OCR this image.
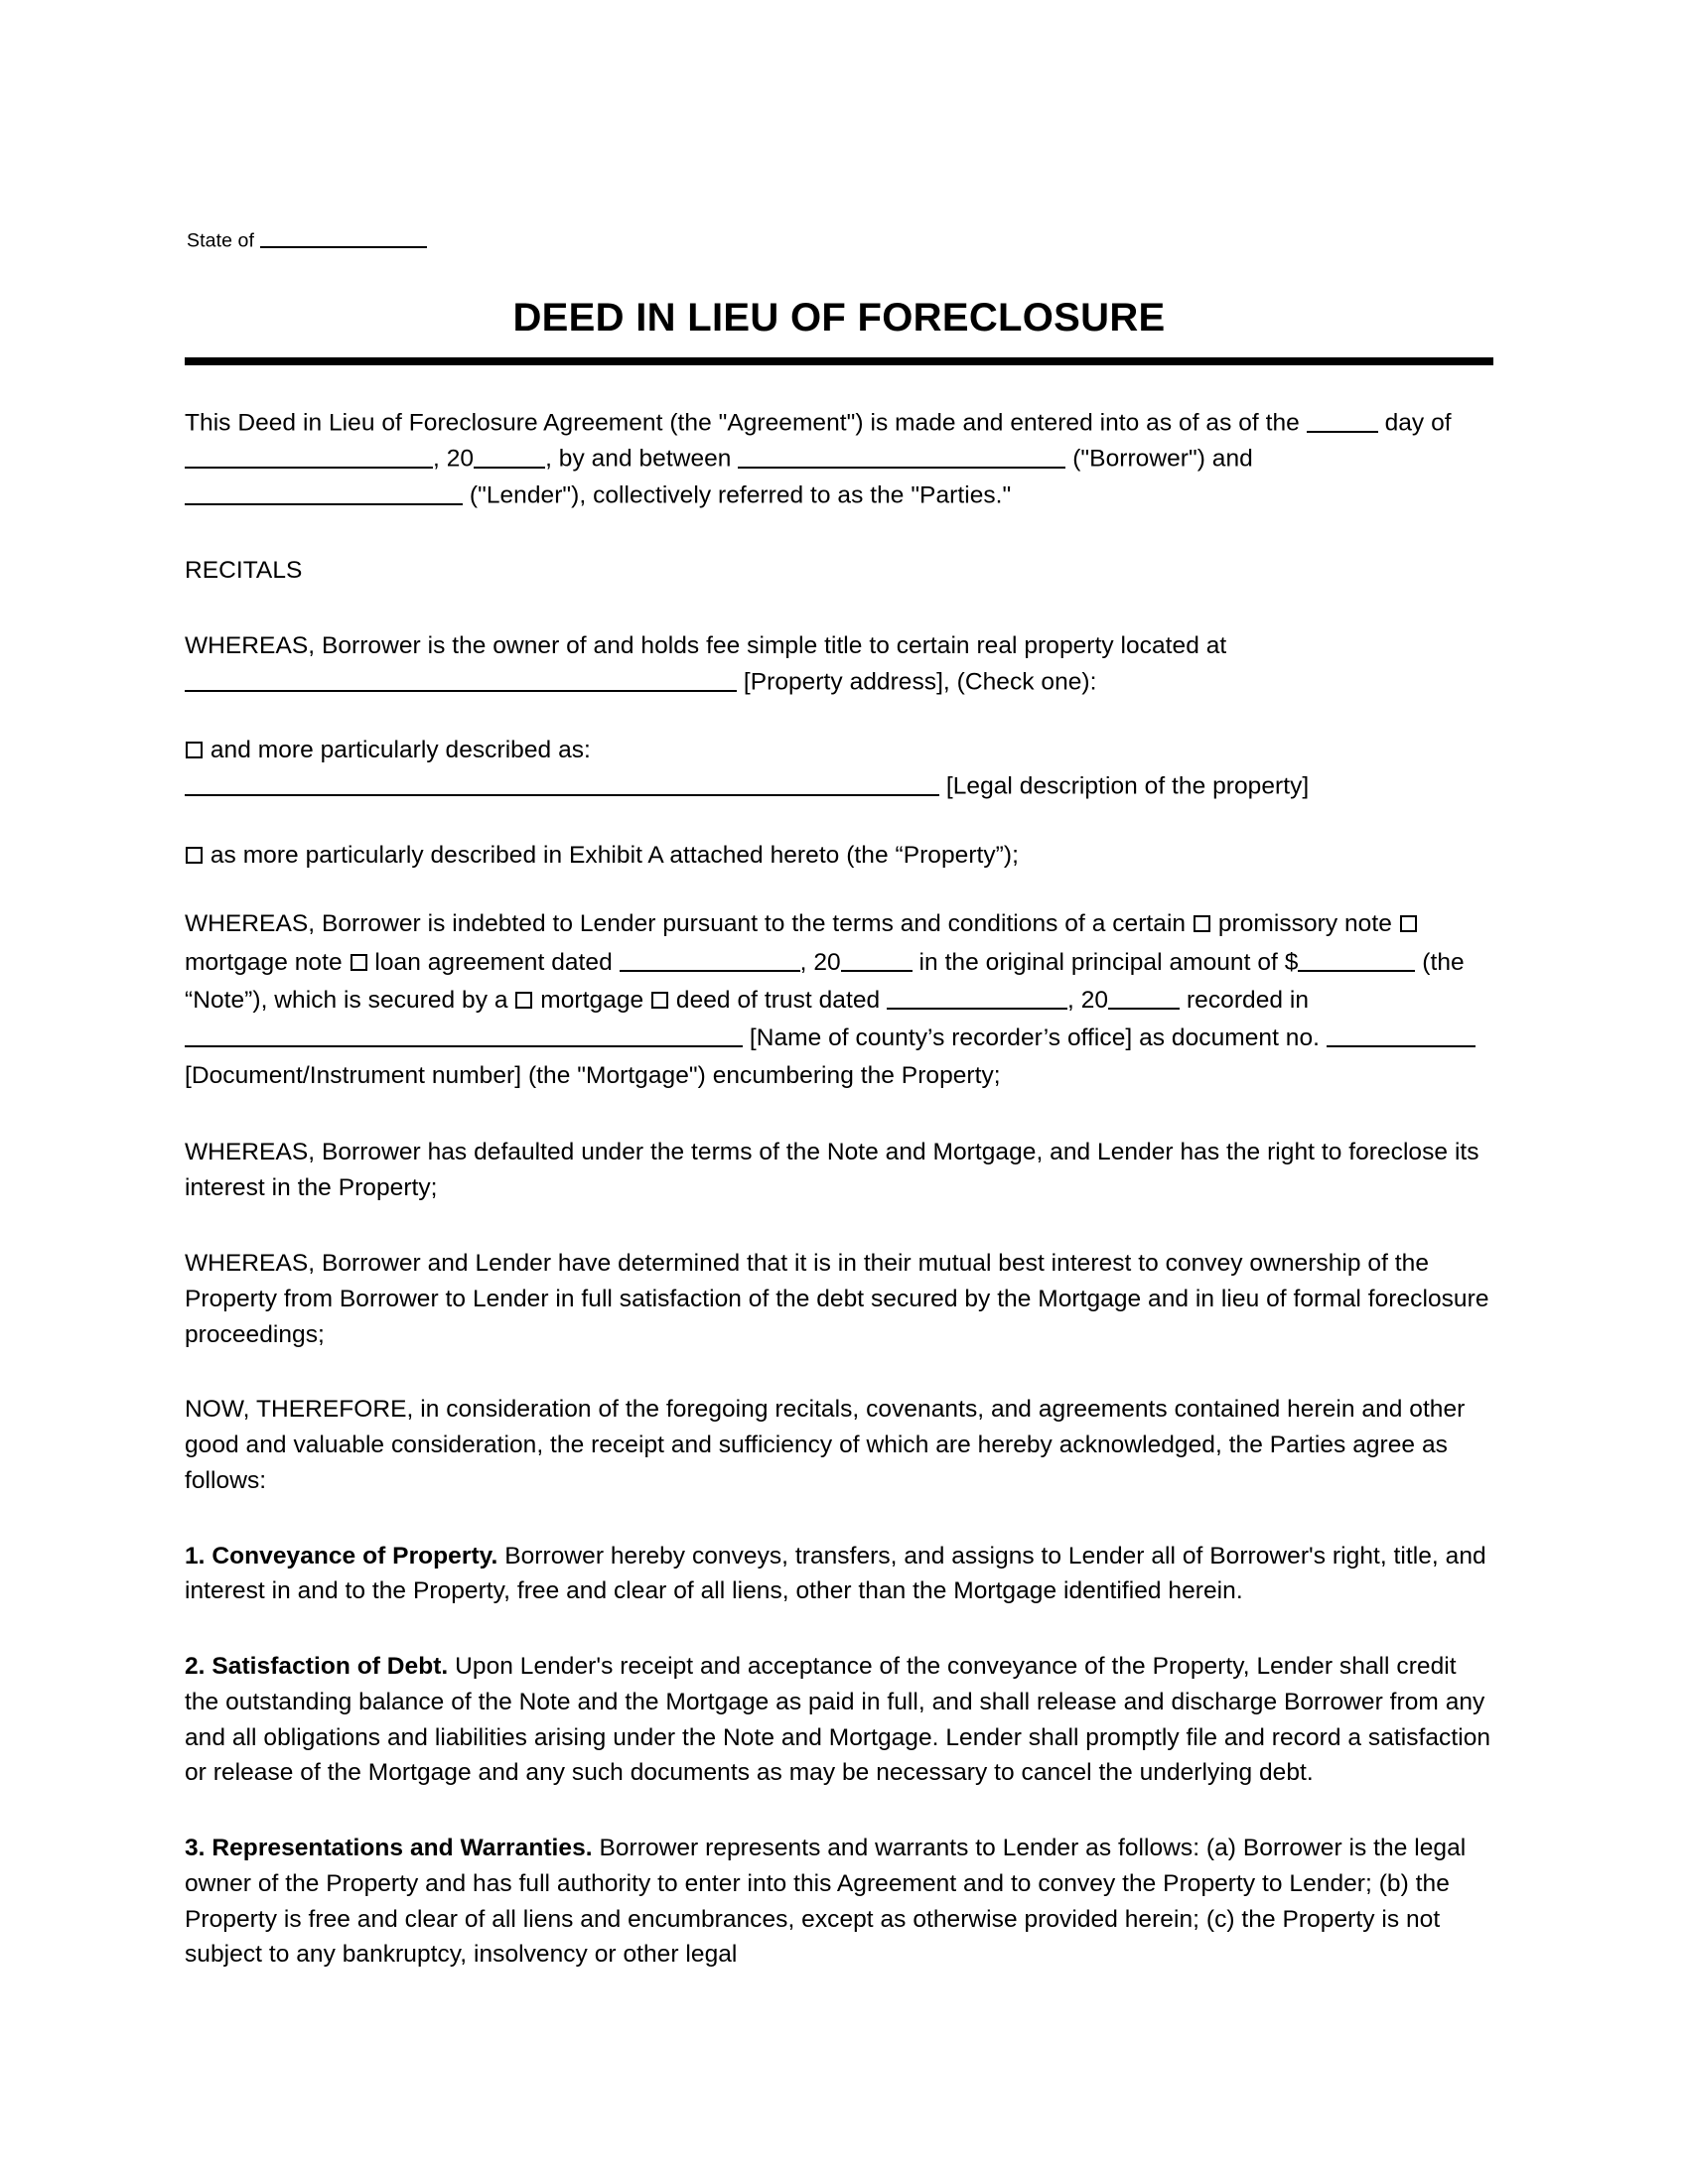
State of
DEED IN LIEU OF FORECLOSURE

This Deed in Lieu of Foreclosure Agreement (the "Agreement") is made and entered into as of as of the	day of , 20	, by and between	("Borrower") and  ("Lender"), collectively referred to as the "Parties."

RECITALS

WHEREAS, Borrower is the owner of and holds fee simple title to certain real property located at  [Property address], (Check one):

and more particularly described as:
[Legal description of the property]

as more particularly described in Exhibit A attached hereto (the “Property”);

WHEREAS, Borrower is indebted to Lender pursuant to the terms and conditions of a certain promissory note  mortgage note loan agreement dated	, 20	in the original principal amount of $	(the “Note”), which is secured by a mortgage deed of trust dated	, 20	recorded in  [Name of county’s recorder’s office] as document no.  [Document/Instrument number] (the "Mortgage") encumbering the Property;

WHEREAS, Borrower has defaulted under the terms of the Note and Mortgage, and Lender has the right to foreclose its interest in the Property;

WHEREAS, Borrower and Lender have determined that it is in their mutual best interest to convey ownership of the Property from Borrower to Lender in full satisfaction of the debt secured by the Mortgage and in lieu of formal foreclosure proceedings;

NOW, THEREFORE, in consideration of the foregoing recitals, covenants, and agreements contained herein and other good and valuable consideration, the receipt and sufficiency of which are hereby acknowledged, the Parties agree as follows:

1. Conveyance of Property. Borrower hereby conveys, transfers, and assigns to Lender all of Borrower's right, title, and interest in and to the Property, free and clear of all liens, other than the Mortgage identified herein.

2. Satisfaction of Debt. Upon Lender's receipt and acceptance of the conveyance of the Property, Lender shall credit the outstanding balance of the Note and the Mortgage as paid in full, and shall release and discharge Borrower from any and all obligations and liabilities arising under the Note and Mortgage. Lender shall promptly file and record a satisfaction or release of the Mortgage and any such documents as may be necessary to cancel the underlying debt.

3. Representations and Warranties. Borrower represents and warrants to Lender as follows: (a) Borrower is the legal owner of the Property and has full authority to enter into this Agreement and to convey the Property to Lender; (b) the Property is free and clear of all liens and encumbrances, except as otherwise provided herein; (c) the Property is not subject to any bankruptcy, insolvency or other legal
